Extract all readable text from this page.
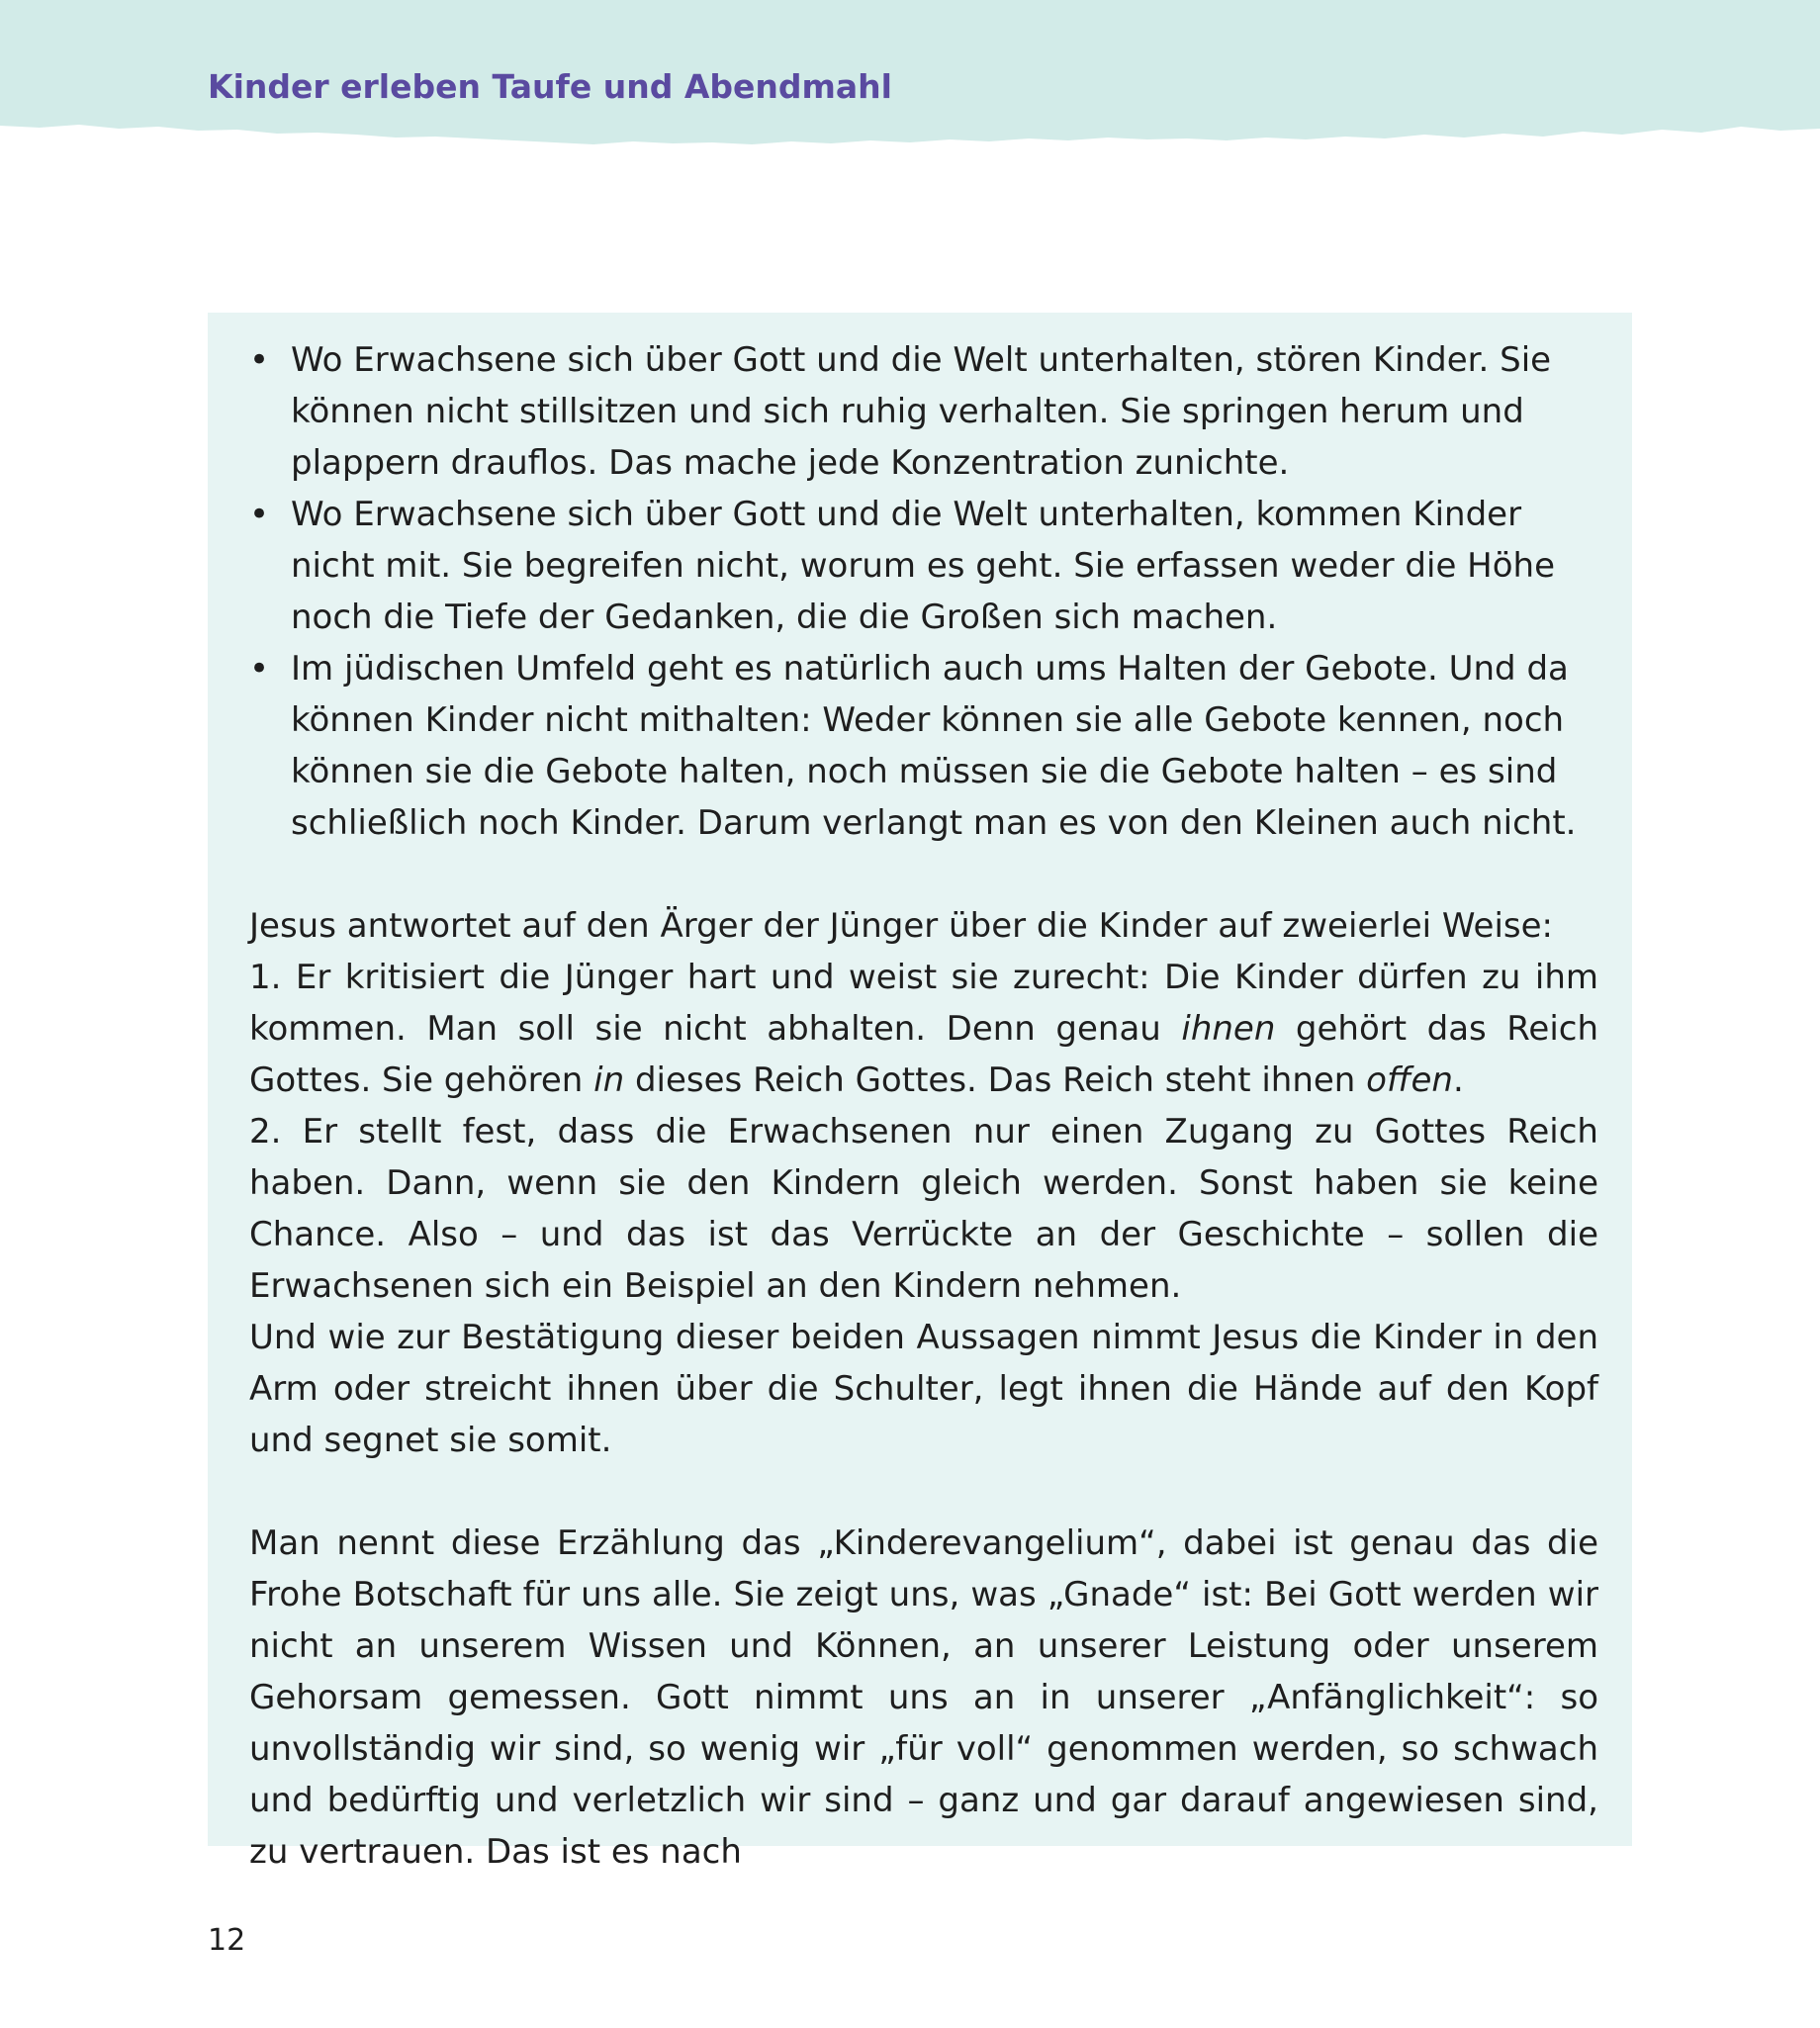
Kinder erleben Taufe und Abendmahl
• Wo Erwachsene sich über Gott und die Welt unterhalten, stören Kinder. Sie können nicht stillsitzen und sich ruhig verhalten. Sie springen herum und plappern drauflos. Das mache jede Konzentration zunichte.
• Wo Erwachsene sich über Gott und die Welt unterhalten, kommen Kinder nicht mit. Sie begreifen nicht, worum es geht. Sie erfassen weder die Höhe noch die Tiefe der Gedanken, die die Großen sich machen.
• Im jüdischen Umfeld geht es natürlich auch ums Halten der Gebote. Und da können Kinder nicht mithalten: Weder können sie alle Gebote kennen, noch können sie die Gebote halten, noch müssen sie die Gebote halten – es sind schließlich noch Kinder. Darum verlangt man es von den Kleinen auch nicht.

Jesus antwortet auf den Ärger der Jünger über die Kinder auf zweierlei Weise:

1. Er kritisiert die Jünger hart und weist sie zurecht: Die Kinder dürfen zu ihm kommen. Man soll sie nicht abhalten. Denn genau ihnen gehört das Reich Gottes. Sie gehören in dieses Reich Gottes. Das Reich steht ihnen offen.

2. Er stellt fest, dass die Erwachsenen nur einen Zugang zu Gottes Reich haben. Dann, wenn sie den Kindern gleich werden. Sonst haben sie keine Chance. Also – und das ist das Verrückte an der Geschichte – sollen die Erwachsenen sich ein Beispiel an den Kindern nehmen.

Und wie zur Bestätigung dieser beiden Aussagen nimmt Jesus die Kinder in den Arm oder streicht ihnen über die Schulter, legt ihnen die Hände auf den Kopf und segnet sie somit.

Man nennt diese Erzählung das „Kinderevangelium“, dabei ist genau das die Frohe Botschaft für uns alle. Sie zeigt uns, was „Gnade“ ist: Bei Gott werden wir nicht an unserem Wissen und Können, an unserer Leistung oder unserem Gehorsam gemessen. Gott nimmt uns an in unserer „Anfänglichkeit“: so unvollständig wir sind, so wenig wir „für voll“ genommen werden, so schwach und bedürftig und verletzlich wir sind – ganz und gar darauf angewiesen sind, zu vertrauen. Das ist es nach

12
